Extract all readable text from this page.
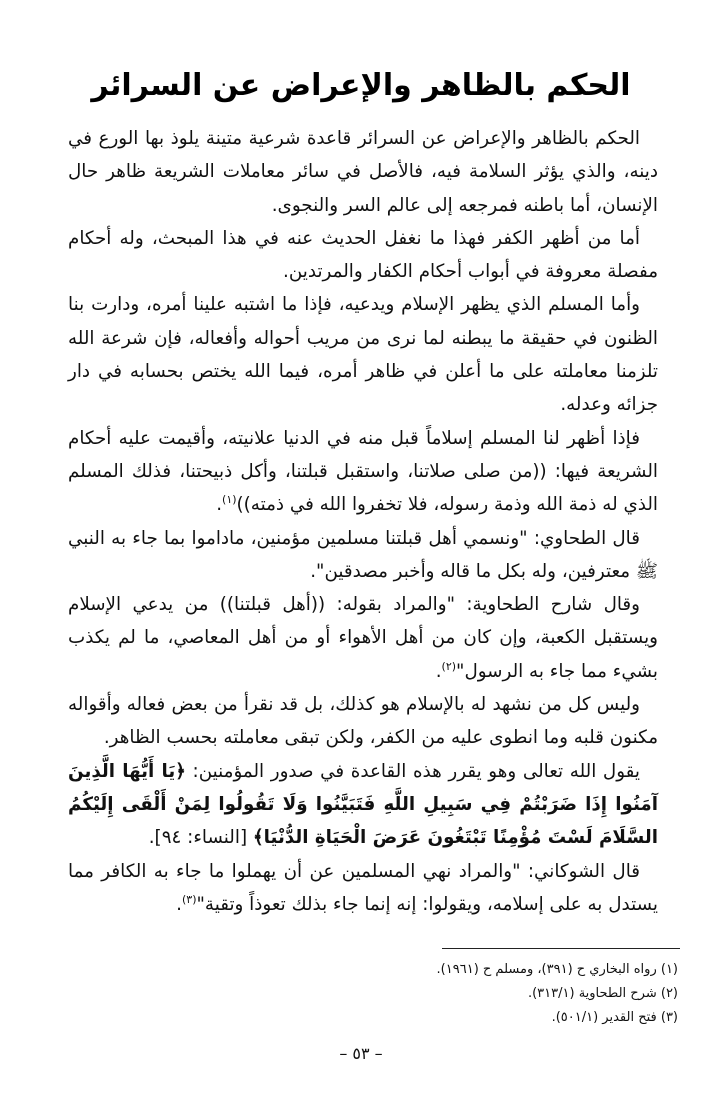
الحكم بالظاهر والإعراض عن السرائر

الحكم بالظاهر والإعراض عن السرائر قاعدة شرعية متينة يلوذ بها الورع في دينه، والذي يؤثر السلامة فيه، فالأصل في سائر معاملات الشريعة ظاهر حال الإنسان، أما باطنه فمرجعه إلى عالم السر والنجوى.

أما من أظهر الكفر فهذا ما نغفل الحديث عنه في هذا المبحث، وله أحكام مفصلة معروفة في أبواب أحكام الكفار والمرتدين.

وأما المسلم الذي يظهر الإسلام ويدعيه، فإذا ما اشتبه علينا أمره، ودارت بنا الظنون في حقيقة ما يبطنه لما نرى من مريب أحواله وأفعاله، فإن شرعة الله تلزمنا معاملته على ما أعلن في ظاهر أمره، فيما الله يختص بحسابه في دار جزائه وعدله.

فإذا أظهر لنا المسلم إسلاماً قبل منه في الدنيا علانيته، وأقيمت عليه أحكام الشريعة فيها: ((من صلى صلاتنا، واستقبل قبلتنا، وأكل ذبيحتنا، فذلك المسلم الذي له ذمة الله وذمة رسوله، فلا تخفروا الله في ذمته))$^{(١)}$.

قال الطحاوي: "ونسمي أهل قبلتنا مسلمين مؤمنين، ماداموا بما جاء به النبي ﷺ معترفين، وله بكل ما قاله وأخبر مصدقين".

وقال شارح الطحاوية: "والمراد بقوله: ((أهل قبلتنا)) من يدعي الإسلام ويستقبل الكعبة، وإن كان من أهل الأهواء أو من أهل المعاصي، ما لم يكذب بشيء مما جاء به الرسول"$^{(٢)}$.

وليس كل من نشهد له بالإسلام هو كذلك، بل قد نقرأ من بعض فعاله وأقواله مكنون قلبه وما انطوى عليه من الكفر، ولكن تبقى معاملته بحسب الظاهر.

يقول الله تعالى وهو يقرر هذه القاعدة في صدور المؤمنين: ﴿يَا أَيُّهَا الَّذِينَ آمَنُوا إِذَا ضَرَبْتُمْ فِي سَبِيلِ اللَّهِ فَتَبَيَّنُوا وَلَا تَقُولُوا لِمَنْ أَلْقَى إِلَيْكُمُ السَّلَامَ لَسْتَ مُؤْمِنًا تَبْتَغُونَ عَرَضَ الْحَيَاةِ الدُّنْيَا﴾ [النساء: ٩٤].

قال الشوكاني: "والمراد نهي المسلمين عن أن يهملوا ما جاء به الكافر مما يستدل به على إسلامه، ويقولوا: إنه إنما جاء بذلك تعوذاً وتقية"$^{(٣)}$.

(١) رواه البخاري ح (٣٩١)، ومسلم ح (١٩٦١).
(٢) شرح الطحاوية (٣١٣/١).
(٣) فتح القدير (٥٠١/١).
– ٥٣ –
